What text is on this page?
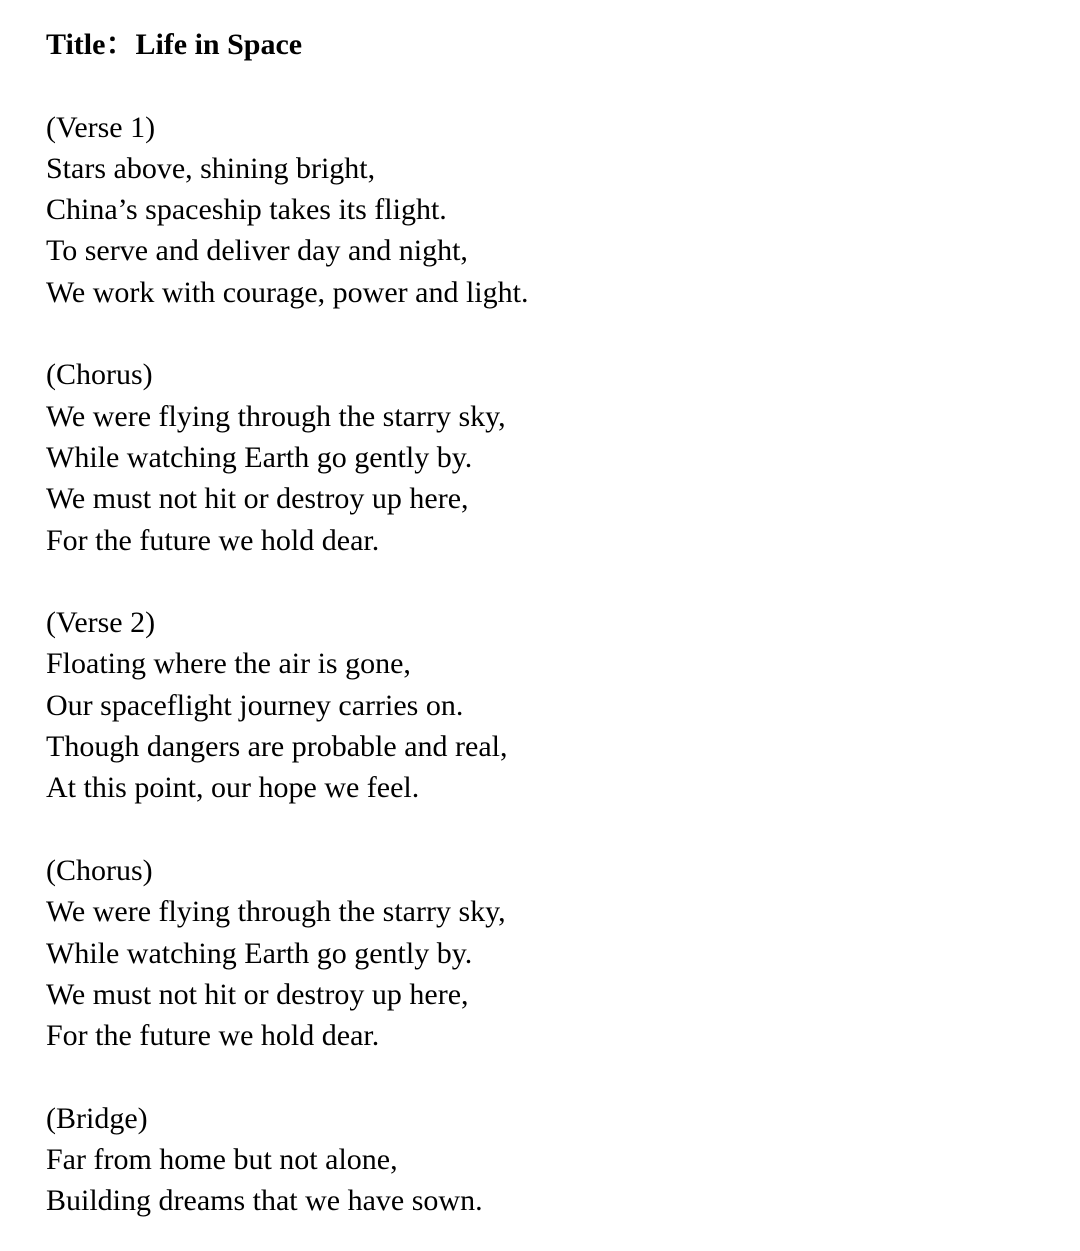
Title：Life in Space
(Verse 1)
Stars above, shining bright,
China’s spaceship takes its flight.
To serve and deliver day and night,
We work with courage, power and light.
(Chorus)
We were flying through the starry sky,
While watching Earth go gently by.
We must not hit or destroy up here,
For the future we hold dear.
(Verse 2)
Floating where the air is gone,
Our spaceflight journey carries on.
Though dangers are probable and real,
At this point, our hope we feel.
(Chorus)
We were flying through the starry sky,
While watching Earth go gently by.
We must not hit or destroy up here,
For the future we hold dear.
(Bridge)
Far from home but not alone,
Building dreams that we have sown.
